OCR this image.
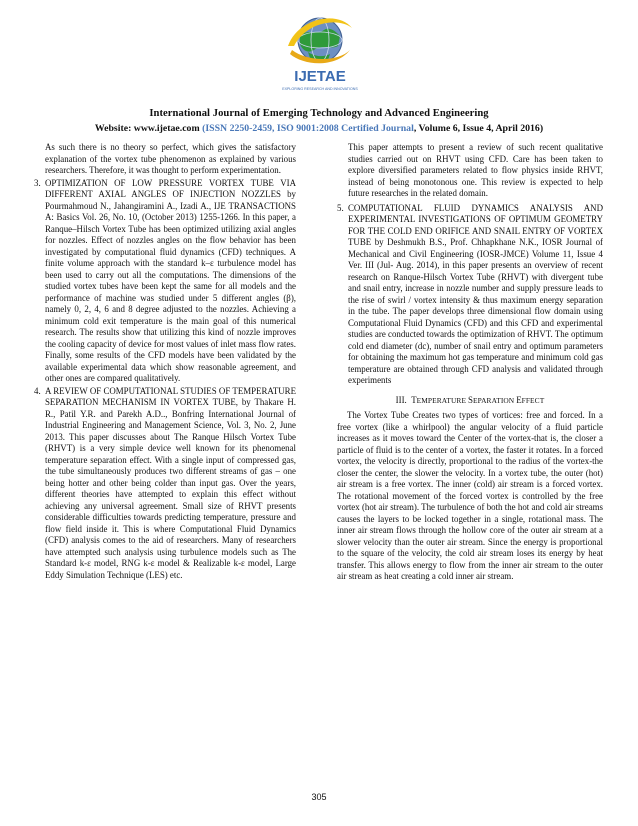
IJETAE
EXPLORING RESEARCH AND INNOVATIONS
International Journal of Emerging Technology and Advanced Engineering
Website: www.ijetae.com (ISSN 2250-2459, ISO 9001:2008 Certified Journal, Volume 6, Issue 4, April 2016)

As such there is no theory so perfect, which gives the satisfactory explanation of the vortex tube phenomenon as explained by various researchers. Therefore, it was thought to perform experimentation.

3. OPTIMIZATION OF LOW PRESSURE VORTEX TUBE VIA DIFFERENT AXIAL ANGLES OF INJECTION NOZZLES by Pourmahmoud N., Jahangiramini A., Izadi A., IJE TRANSACTIONS A: Basics Vol. 26, No. 10, (October 2013) 1255-1266. In this paper, a Ranque–Hilsch Vortex Tube has been optimized utilizing axial angles for nozzles. Effect of nozzles angles on the flow behavior has been investigated by computational fluid dynamics (CFD) techniques. A finite volume approach with the standard k–ε turbulence model has been used to carry out all the computations. The dimensions of the studied vortex tubes have been kept the same for all models and the performance of machine was studied under 5 different angles (β), namely 0, 2, 4, 6 and 8 degree adjusted to the nozzles. Achieving a minimum cold exit temperature is the main goal of this numerical research. The results show that utilizing this kind of nozzle improves the cooling capacity of device for most values of inlet mass flow rates. Finally, some results of the CFD models have been validated by the available experimental data which show reasonable agreement, and other ones are compared qualitatively.
4. A REVIEW OF COMPUTATIONAL STUDIES OF TEMPERATURE SEPARATION MECHANISM IN VORTEX TUBE, by Thakare H. R., Patil Y.R. and Parekh A.D.., Bonfring International Journal of Industrial Engineering and Management Science, Vol. 3, No. 2, June 2013. This paper discusses about The Ranque Hilsch Vortex Tube (RHVT) is a very simple device well known for its phenomenal temperature separation effect. With a single input of compressed gas, the tube simultaneously produces two different streams of gas – one being hotter and other being colder than input gas. Over the years, different theories have attempted to explain this effect without achieving any universal agreement. Small size of RHVT presents considerable difficulties towards predicting temperature, pressure and flow field inside it. This is where Computational Fluid Dynamics (CFD) analysis comes to the aid of researchers. Many of researchers have attempted such analysis using turbulence models such as The Standard k-ε model, RNG k-ε model & Realizable k-ε model, Large Eddy Simulation Technique (LES) etc.

This paper attempts to present a review of such recent qualitative studies carried out on RHVT using CFD. Care has been taken to explore diversified parameters related to flow physics inside RHVT, instead of being monotonous one. This review is expected to help future researches in the related domain.

5. COMPUTATIONAL FLUID DYNAMICS ANALYSIS AND EXPERIMENTAL INVESTIGATIONS OF OPTIMUM GEOMETRY FOR THE COLD END ORIFICE AND SNAIL ENTRY OF VORTEX TUBE by Deshmukh B.S., Prof. Chhapkhane N.K., IOSR Journal of Mechanical and Civil Engineering (IOSR-JMCE) Volume 11, Issue 4 Ver. III (Jul- Aug. 2014), in this paper presents an overview of recent research on Ranque-Hilsch Vortex Tube (RHVT) with divergent tube and snail entry, increase in nozzle number and supply pressure leads to the rise of swirl / vortex intensity & thus maximum energy separation in the tube. The paper develops three dimensional flow domain using Computational Fluid Dynamics (CFD) and this CFD and experimental studies are conducted towards the optimization of RHVT. The optimum cold end diameter (dc), number of snail entry and optimum parameters for obtaining the maximum hot gas temperature and minimum cold gas temperature are obtained through CFD analysis and validated through experiments
III. TEMPERATURE SEPARATION EFFECT

The Vortex Tube Creates two types of vortices: free and forced. In a free vortex (like a whirlpool) the angular velocity of a fluid particle increases as it moves toward the Center of the vortex-that is, the closer a particle of fluid is to the center of a vortex, the faster it rotates. In a forced vortex, the velocity is directly, proportional to the radius of the vortex-the closer the center, the slower the velocity. In a vortex tube, the outer (hot) air stream is a free vortex. The inner (cold) air stream is a forced vortex. The rotational movement of the forced vortex is controlled by the free vortex (hot air stream). The turbulence of both the hot and cold air streams causes the layers to be locked together in a single, rotational mass. The inner air stream flows through the hollow core of the outer air stream at a slower velocity than the outer air stream. Since the energy is proportional to the square of the velocity, the cold air stream loses its energy by heat transfer. This allows energy to flow from the inner air stream to the outer air stream as heat creating a cold inner air stream.

305
